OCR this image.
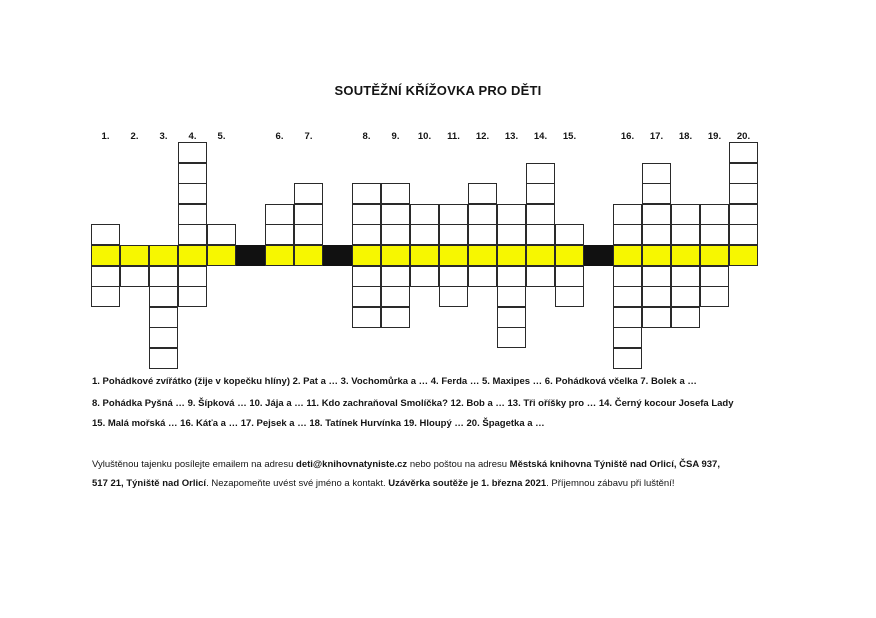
SOUTĚŽNÍ KŘÍŽOVKA PRO DĚTI
1.	2.	3.	4.	5.	6.	7.	8.	9.	10.	11.	12.	13.	14.	15.	16.	17.	18.	19.	20.
1. Pohádkové zvířátko (žije v kopečku hlíny) 2. Pat a … 3. Vochomůrka a … 4. Ferda … 5. Maxipes … 6. Pohádková včelka 7. Bolek a …
8. Pohádka Pyšná … 9. Šípková … 10. Jája a … 11. Kdo zachraňoval Smolíčka? 12. Bob a … 13. Tři oříšky pro … 14. Černý kocour Josefa Lady
15. Malá mořská … 16. Káťa a … 17. Pejsek a … 18. Tatínek Hurvínka 19. Hloupý … 20. Špagetka a …
Vyluštěnou tajenku posílejte emailem na adresu deti@knihovnatyniste.cz nebo poštou na adresu Městská knihovna Týniště nad Orlicí, ČSA 937,
517 21, Týniště nad Orlicí. Nezapomeňte uvést své jméno a kontakt. Uzávěrka soutěže je 1. března 2021. Příjemnou zábavu při luštění!
